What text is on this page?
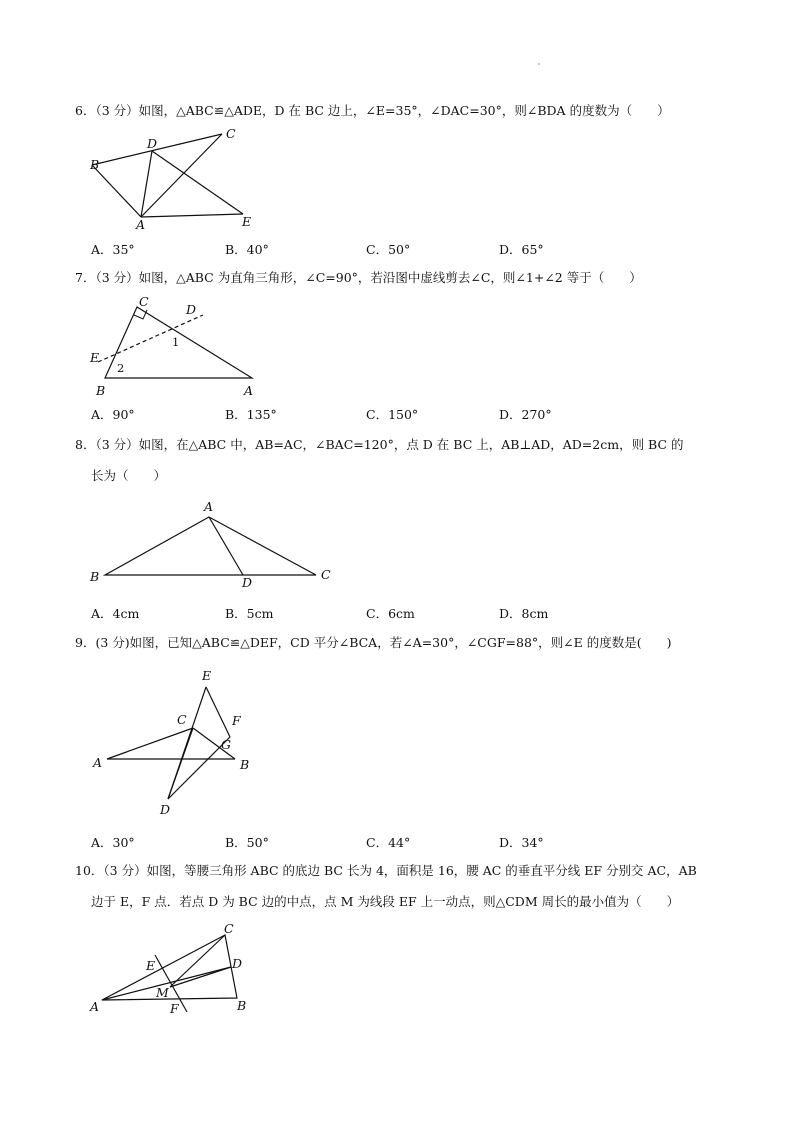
6．（3 分）如图，△ABC≌△ADE，D 在 BC 边上，∠E=35°，∠DAC=30°，则∠BDA 的度数为（　　）
B
D
C
A	E
A．35°	B．40°	C．50°	D．65°
7．（3 分）如图，△ABC 为直角三角形，∠C=90°，若沿图中虚线剪去∠C，则∠1+∠2 等于（　　）
C
D
E
B	A
1
2
A．90°	B．135°	C．150°	D．270°
8．（3 分）如图，在△ABC 中，AB=AC，∠BAC=120°，点 D 在 BC 上，AB⊥AD，AD=2cm，则 BC 的
长为（　　）
A
B	D
C
A．4cm	B．5cm	C．6cm	D．8cm
9．(3 分)如图，已知△ABC≌△DEF，CD 平分∠BCA，若∠A=30°，∠CGF=88°，则∠E 的度数是(　　)
E
C	F
G
A	B
D
A．30°	B．50°	C．44°	D．34°
10．（3 分）如图，等腰三角形 ABC 的底边 BC 长为 4，面积是 16，腰 AC 的垂直平分线 EF 分别交 AC，AB
边于 E，F 点．若点 D 为 BC 边的中点，点 M 为线段 EF 上一动点，则△CDM 周长的最小值为（　　）
C
E	D
M
A	F	B
